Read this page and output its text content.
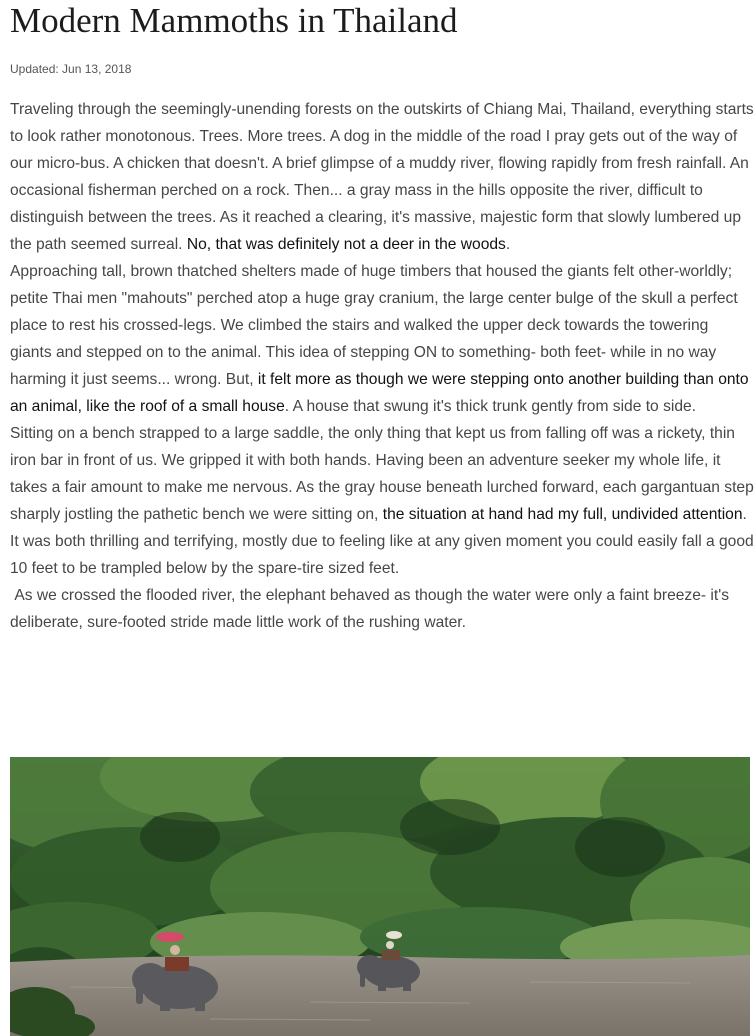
Modern Mammoths in Thailand
Updated: Jun 13, 2018

Traveling through the seemingly-unending forests on the outskirts of Chiang Mai, Thailand, everything starts to look rather monotonous. Trees. More trees. A dog in the middle of the road I pray gets out of the way of our micro-bus. A chicken that doesn't. A brief glimpse of a muddy river, flowing rapidly from fresh rainfall. An occasional fisherman perched on a rock. Then... a gray mass in the hills opposite the river, difficult to distinguish between the trees. As it reached a clearing, it's massive, majestic form that slowly lumbered up the path seemed surreal. No, that was definitely not a deer in the woods.

Approaching tall, brown thatched shelters made of huge timbers that housed the giants felt other-worldly; petite Thai men "mahouts" perched atop a huge gray cranium, the large center bulge of the skull a perfect place to rest his crossed-legs. We climbed the stairs and walked the upper deck towards the towering giants and stepped on to the animal. This idea of stepping ON to something- both feet- while in no way harming it just seems... wrong. But, it felt more as though we were stepping onto another building than onto an animal, like the roof of a small house. A house that swung it's thick trunk gently from side to side.

Sitting on a bench strapped to a large saddle, the only thing that kept us from falling off was a rickety, thin iron bar in front of us. We gripped it with both hands. Having been an adventure seeker my whole life, it takes a fair amount to make me nervous. As the gray house beneath lurched forward, each gargantuan step sharply jostling the pathetic bench we were sitting on, the situation at hand had my full, undivided attention. It was both thrilling and terrifying, mostly due to feeling like at any given moment you could easily fall a good 10 feet to be trampled below by the spare-tire sized feet.

As we crossed the flooded river, the elephant behaved as though the water were only a faint breeze- it's deliberate, sure-footed stride made little work of the rushing water.
